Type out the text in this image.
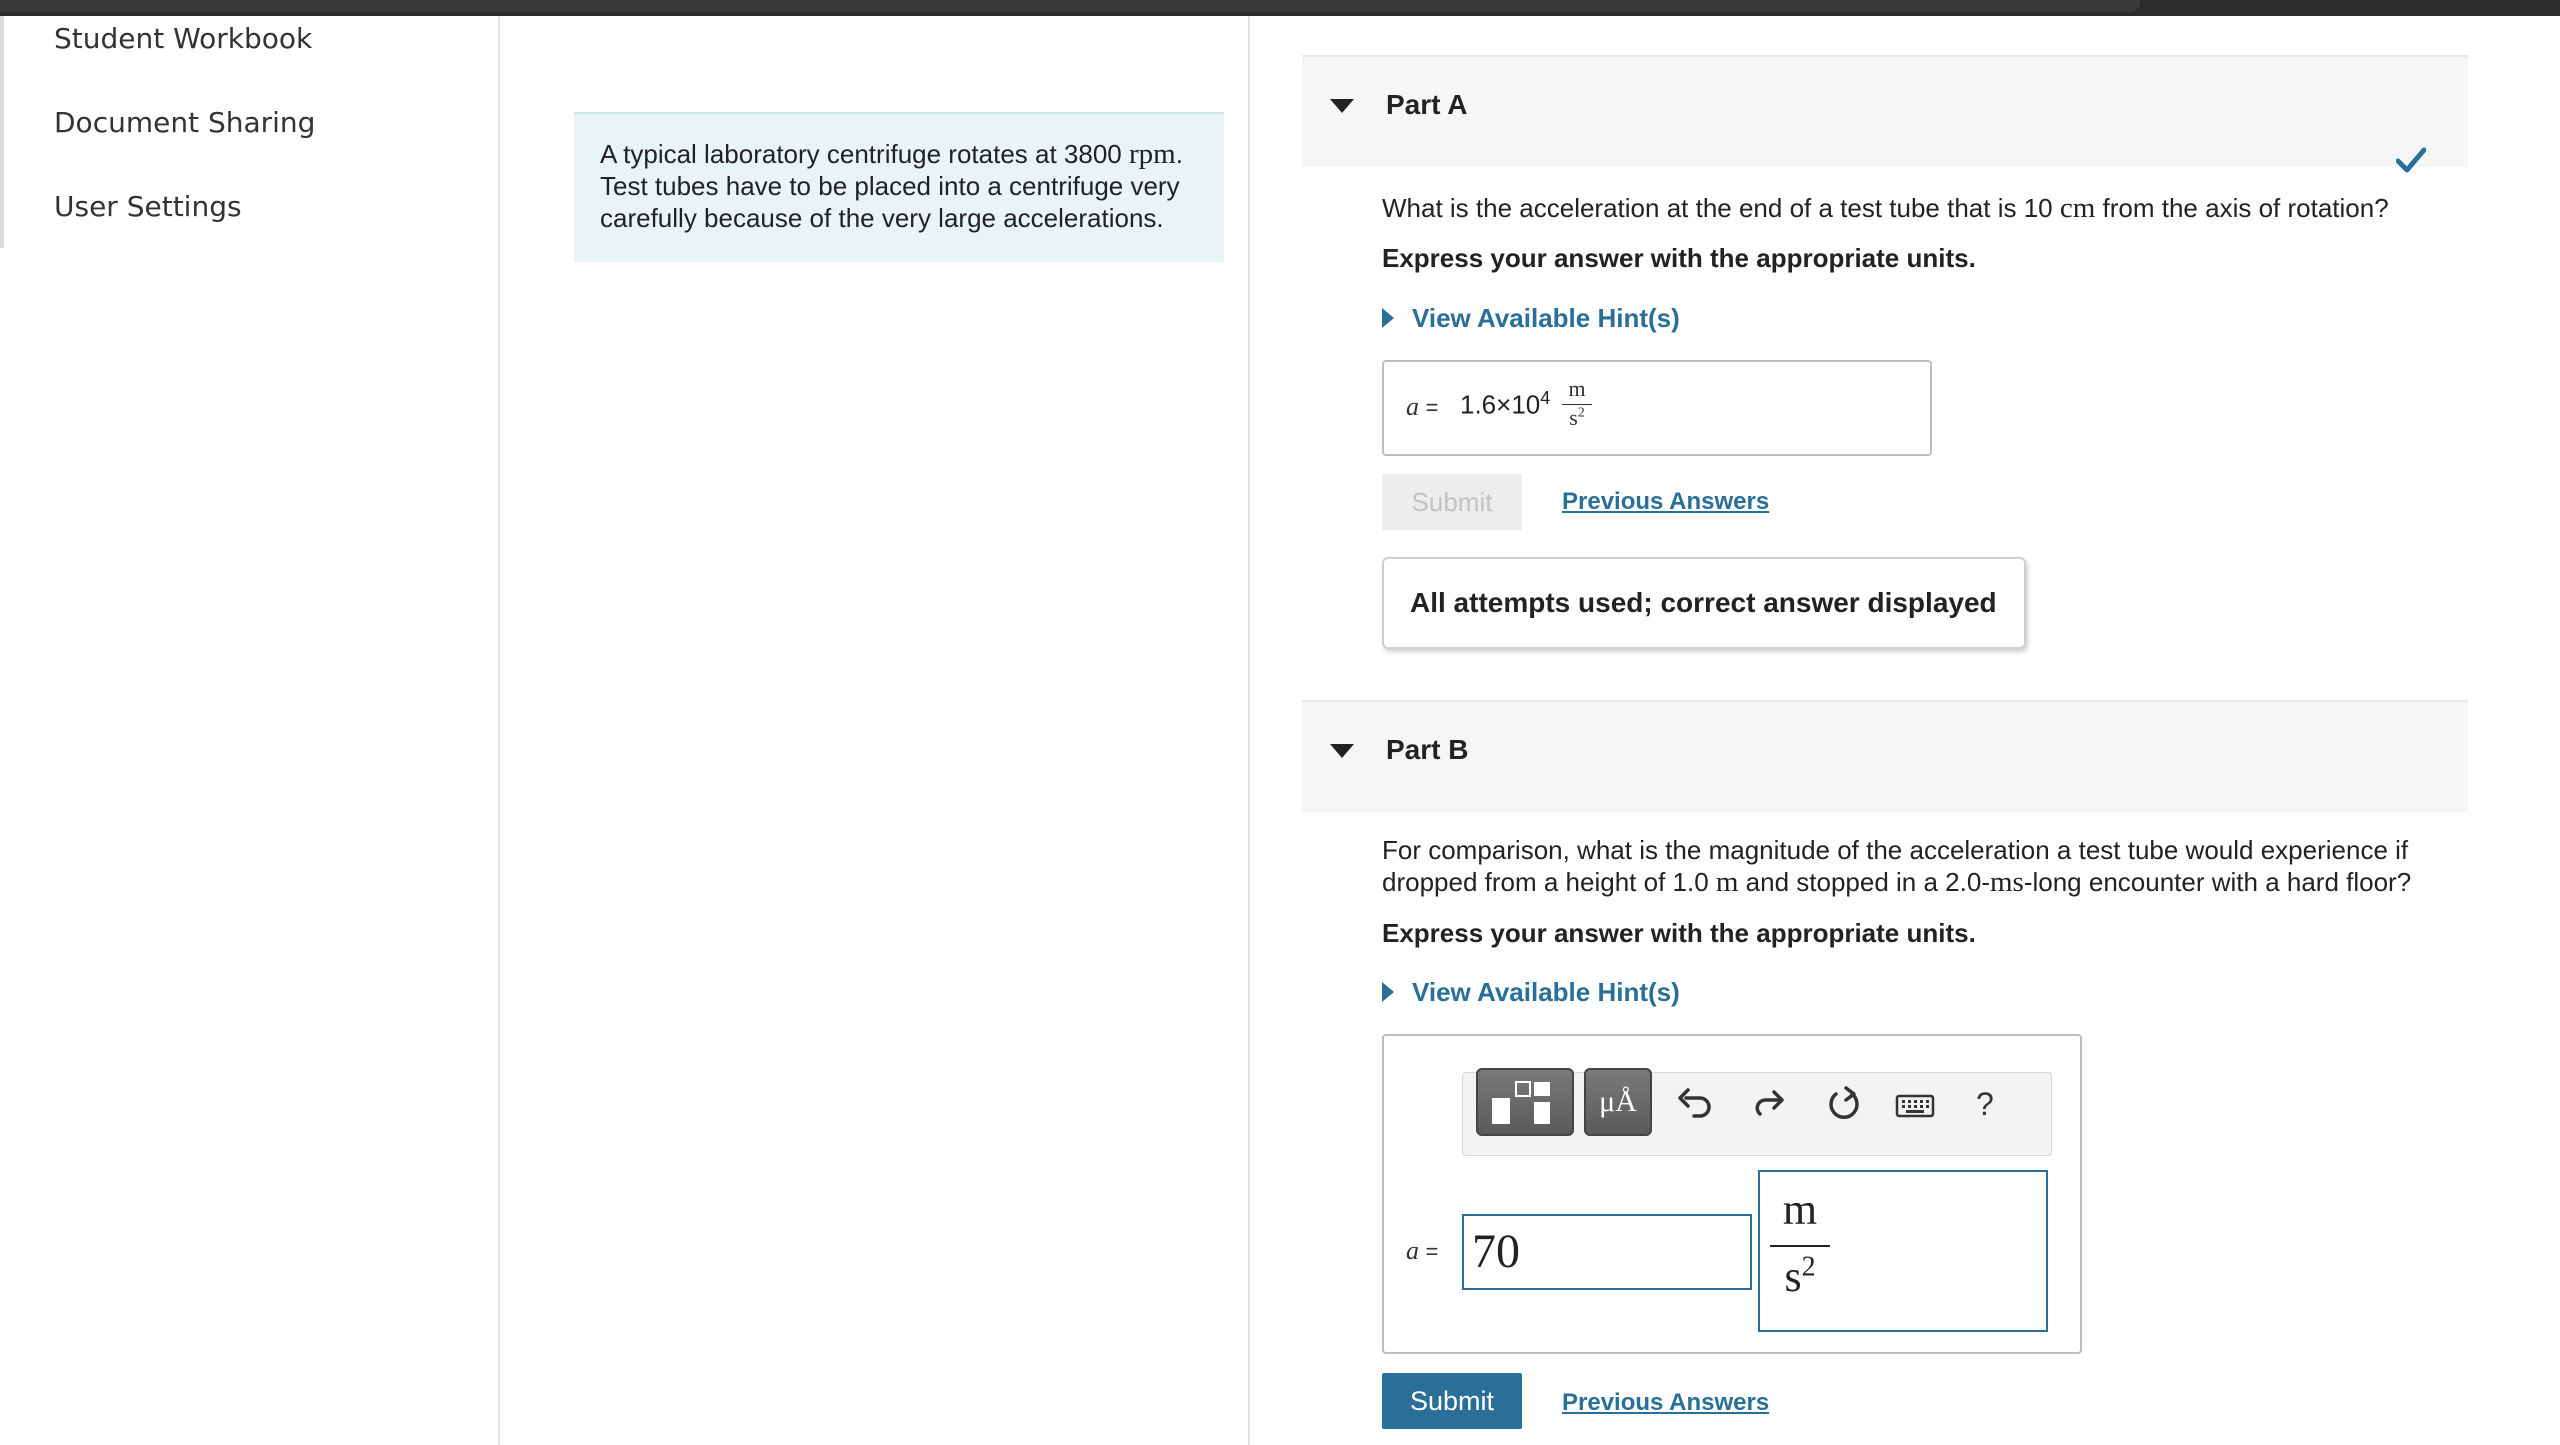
Student Workbook
Document Sharing
User Settings
A typical laboratory centrifuge rotates at 3800 rpm. Test tubes have to be placed into a centrifuge very carefully because of the very large accelerations.
Part A
What is the acceleration at the end of a test tube that is 10 cm from the axis of rotation?
Express your answer with the appropriate units.
View Available Hint(s)
$a = 1.6\times 10^4 \frac{m}{s^2}$
Submit	Previous Answers
All attempts used; correct answer displayed
Part B
For comparison, what is the magnitude of the acceleration a test tube would experience if dropped from a height of 1.0 m and stopped in a 2.0-ms-long encounter with a hard floor?
Express your answer with the appropriate units.
View Available Hint(s)
μÅ	?
a = 70	$\frac{m}{s^2}$
Submit	Previous Answers
